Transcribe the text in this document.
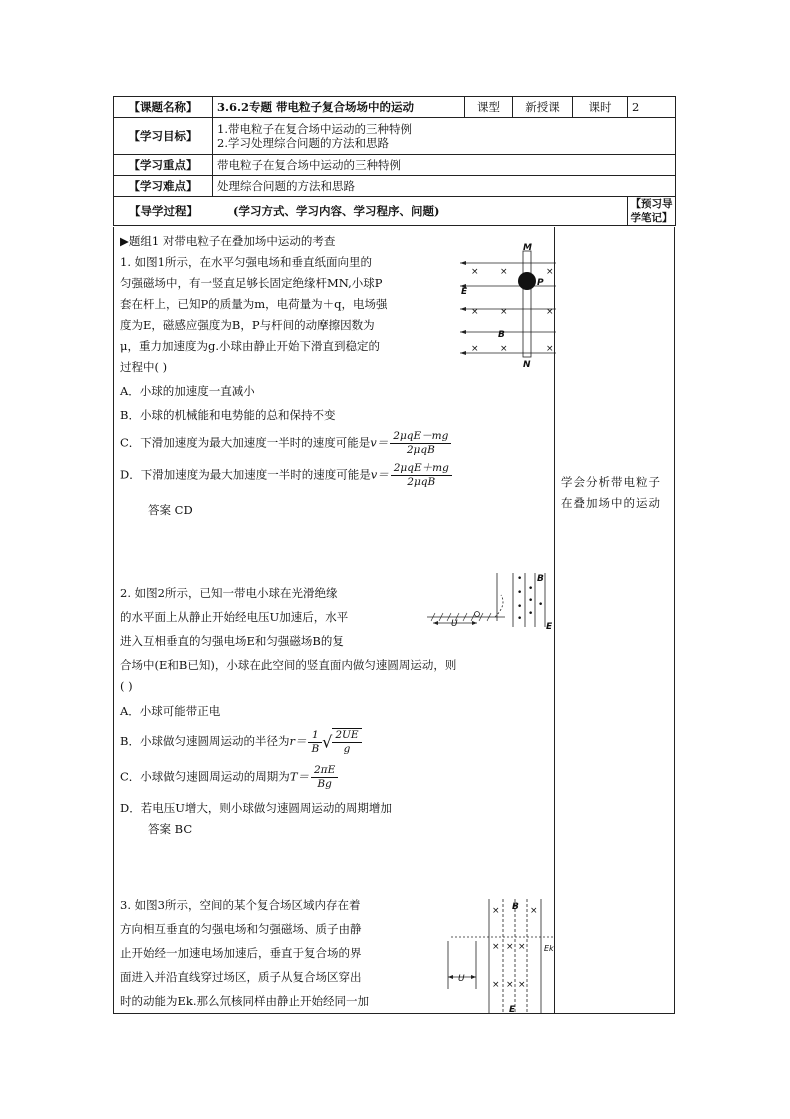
【课题名称】	3.6.2专题 带电粒子复合场场中的运动	课型	新授课	课时	2
【学习目标】	1.带电粒子在复合场中运动的三种特例
2.学习处理综合问题的方法和思路				

【学习重点】	带电粒子在复合场中运动的三种特例				
【学习难点】	处理综合问题的方法和思路				

【导学过程】 (学习方式、学习内容、学习程序、问题)					【预习导学笔记】
▶题组1 对带电粒子在叠加场中运动的考查
1. 如图1所示，在水平匀强电场和垂直纸面向里的
匀强磁场中，有一竖直足够长固定绝缘杆MN,小球P
套在杆上，已知P的质量为m，电荷量为＋q，电场强
度为E，磁感应强度为B，P与杆间的动摩擦因数为
μ，重力加速度为g.小球由静止开始下滑直到稳定的
过程中( )
A．小球的加速度一直减小
B．小球的机械能和电势能的总和保持不变
C．下滑加速度为最大加速度一半时的速度可能是$v= \frac{\text{2μqE－mg}}{\text{2μqB}}$
D．下滑加速度为最大加速度一半时的速度可能是$v= \frac{\text{2μqE＋mg}}{\text{2μqB}}$
答案 CD
M
N
P
E
B
× ×	×
× ×	×
× ×	×
2. 如图2所示，已知一带电小球在光滑绝缘
的水平面上从静止开始经电压U加速后，水平
进入互相垂直的匀强电场E和匀强磁场B的复
合场中(E和B已知)，小球在此空间的竖直面内做匀速圆周运动，则
( )
A．小球可能带正电
B．小球做匀速圆周运动的半径为$r= \frac{1}{B}$ √ $\frac{2UE}{g}$
C．小球做匀速圆周运动的周期为$T= \frac{2\pi E}{Bg}$
D．若电压U增大，则小球做匀速圆周运动的周期增加
答案 BC
U
B
E
•
•
•
•
•
•
•
•
3. 如图3所示，空间的某个复合场区域内存在着
方向相互垂直的匀强电场和匀强磁场、质子由静
止开始经一加速电场加速后，垂直于复合场的界
面进入并沿直线穿过场区，质子从复合场区穿出
时的动能为Ek.那么氘核同样由静止开始经同一加
U
B
E
Ek
×	×
× × ×
× × ×
学会分析带电粒子在叠加场中的运动
